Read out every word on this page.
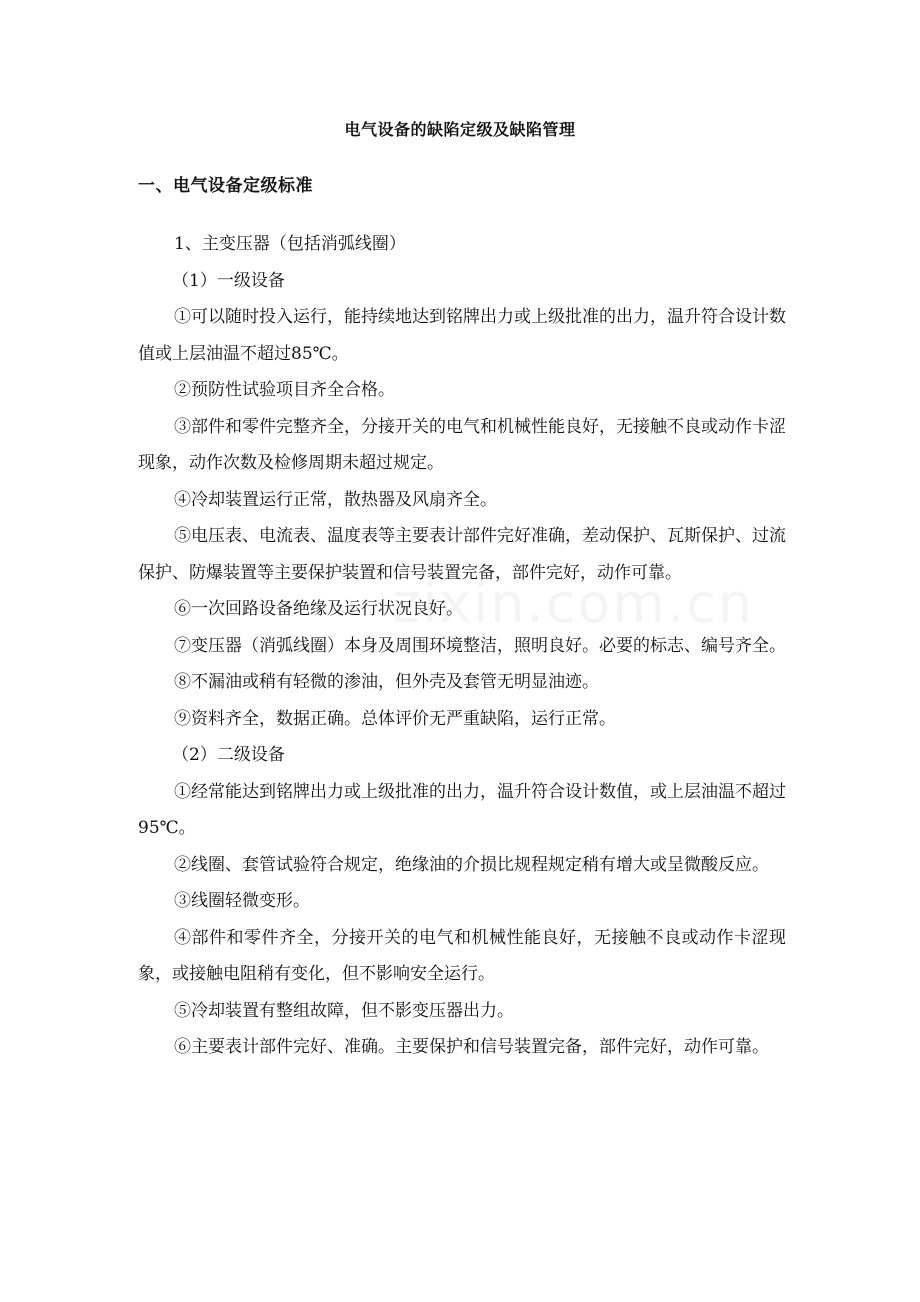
电气设备的缺陷定级及缺陷管理
一、电气设备定级标准

1、主变压器（包括消弧线圈）

（1）一级设备

①可以随时投入运行，能持续地达到铭牌出力或上级批准的出力，温升符合设计数值或上层油温不超过85℃。

②预防性试验项目齐全合格。

③部件和零件完整齐全，分接开关的电气和机械性能良好，无接触不良或动作卡涩现象，动作次数及检修周期未超过规定。

④冷却装置运行正常，散热器及风扇齐全。

⑤电压表、电流表、温度表等主要表计部件完好准确，差动保护、瓦斯保护、过流保护、防爆装置等主要保护装置和信号装置完备，部件完好，动作可靠。

⑥一次回路设备绝缘及运行状况良好。

⑦变压器（消弧线圈）本身及周围环境整洁，照明良好。必要的标志、编号齐全。

⑧不漏油或稍有轻微的渗油，但外壳及套管无明显油迹。

⑨资料齐全，数据正确。总体评价无严重缺陷，运行正常。

（2）二级设备

①经常能达到铭牌出力或上级批准的出力，温升符合设计数值，或上层油温不超过95℃。

②线圈、套管试验符合规定，绝缘油的介损比规程规定稍有增大或呈微酸反应。

③线圈轻微变形。

④部件和零件齐全，分接开关的电气和机械性能良好，无接触不良或动作卡涩现象，或接触电阻稍有变化，但不影响安全运行。

⑤冷却装置有整组故障，但不影变压器出力。

⑥主要表计部件完好、准确。主要保护和信号装置完备，部件完好，动作可靠。
